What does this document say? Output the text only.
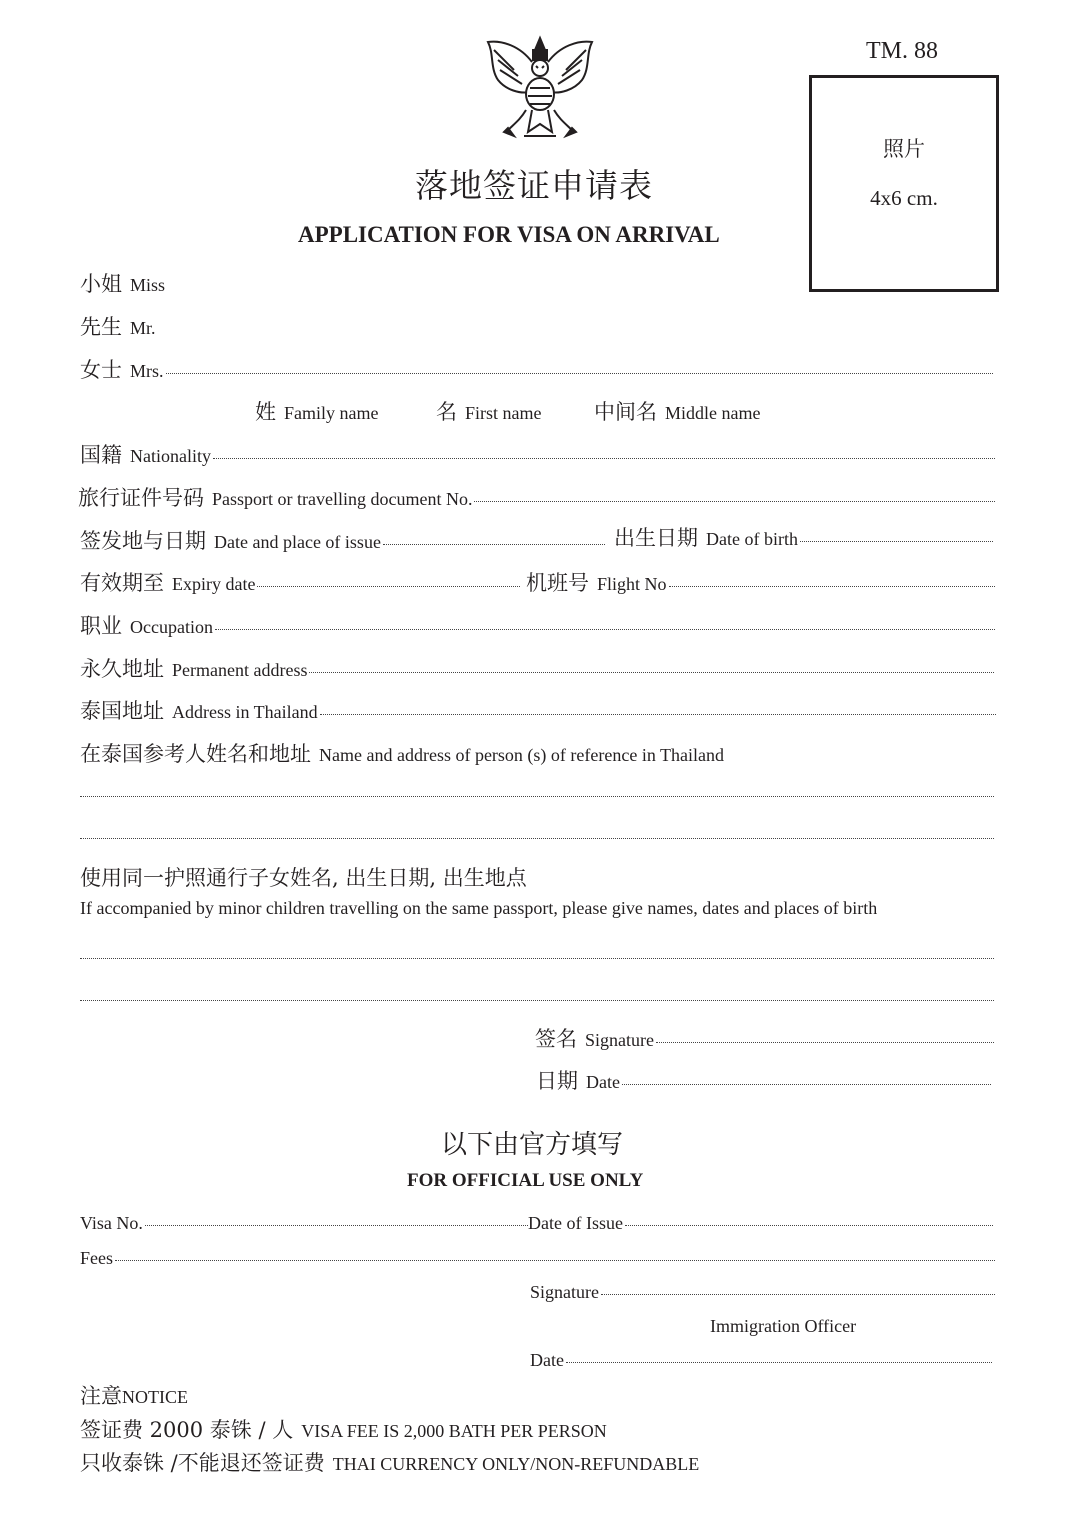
TM. 88
照片
4x6 cm.
落地签证申请表
APPLICATION FOR VISA ON ARRIVAL
小姐 Miss
先生 Mr.
女士 Mrs.
姓 Family name	名 First name	中间名 Middle name
国籍 Nationality
旅行证件号码 Passport or travelling document No.
签发地与日期 Date and place of issue	出生日期 Date of birth
有效期至 Expiry date	机班号 Flight No
职业 Occupation
永久地址 Permanent address
泰国地址 Address in Thailand
在泰国参考人姓名和地址 Name and address of person (s) of reference in Thailand
使用同一护照通行子女姓名, 出生日期, 出生地点
If accompanied by minor children travelling on the same passport, please give names, dates and places of birth
签名 Signature
日期 Date
以下由官方填写
FOR OFFICIAL USE ONLY
Visa No.	Date of Issue
Fees
Signature
Immigration Officer
Date
注意 NOTICE
签证费 2000 泰铢 / 人 VISA FEE IS 2,000 BATH PER PERSON
只收泰铢 /不能退还签证费 THAI CURRENCY ONLY/NON-REFUNDABLE
